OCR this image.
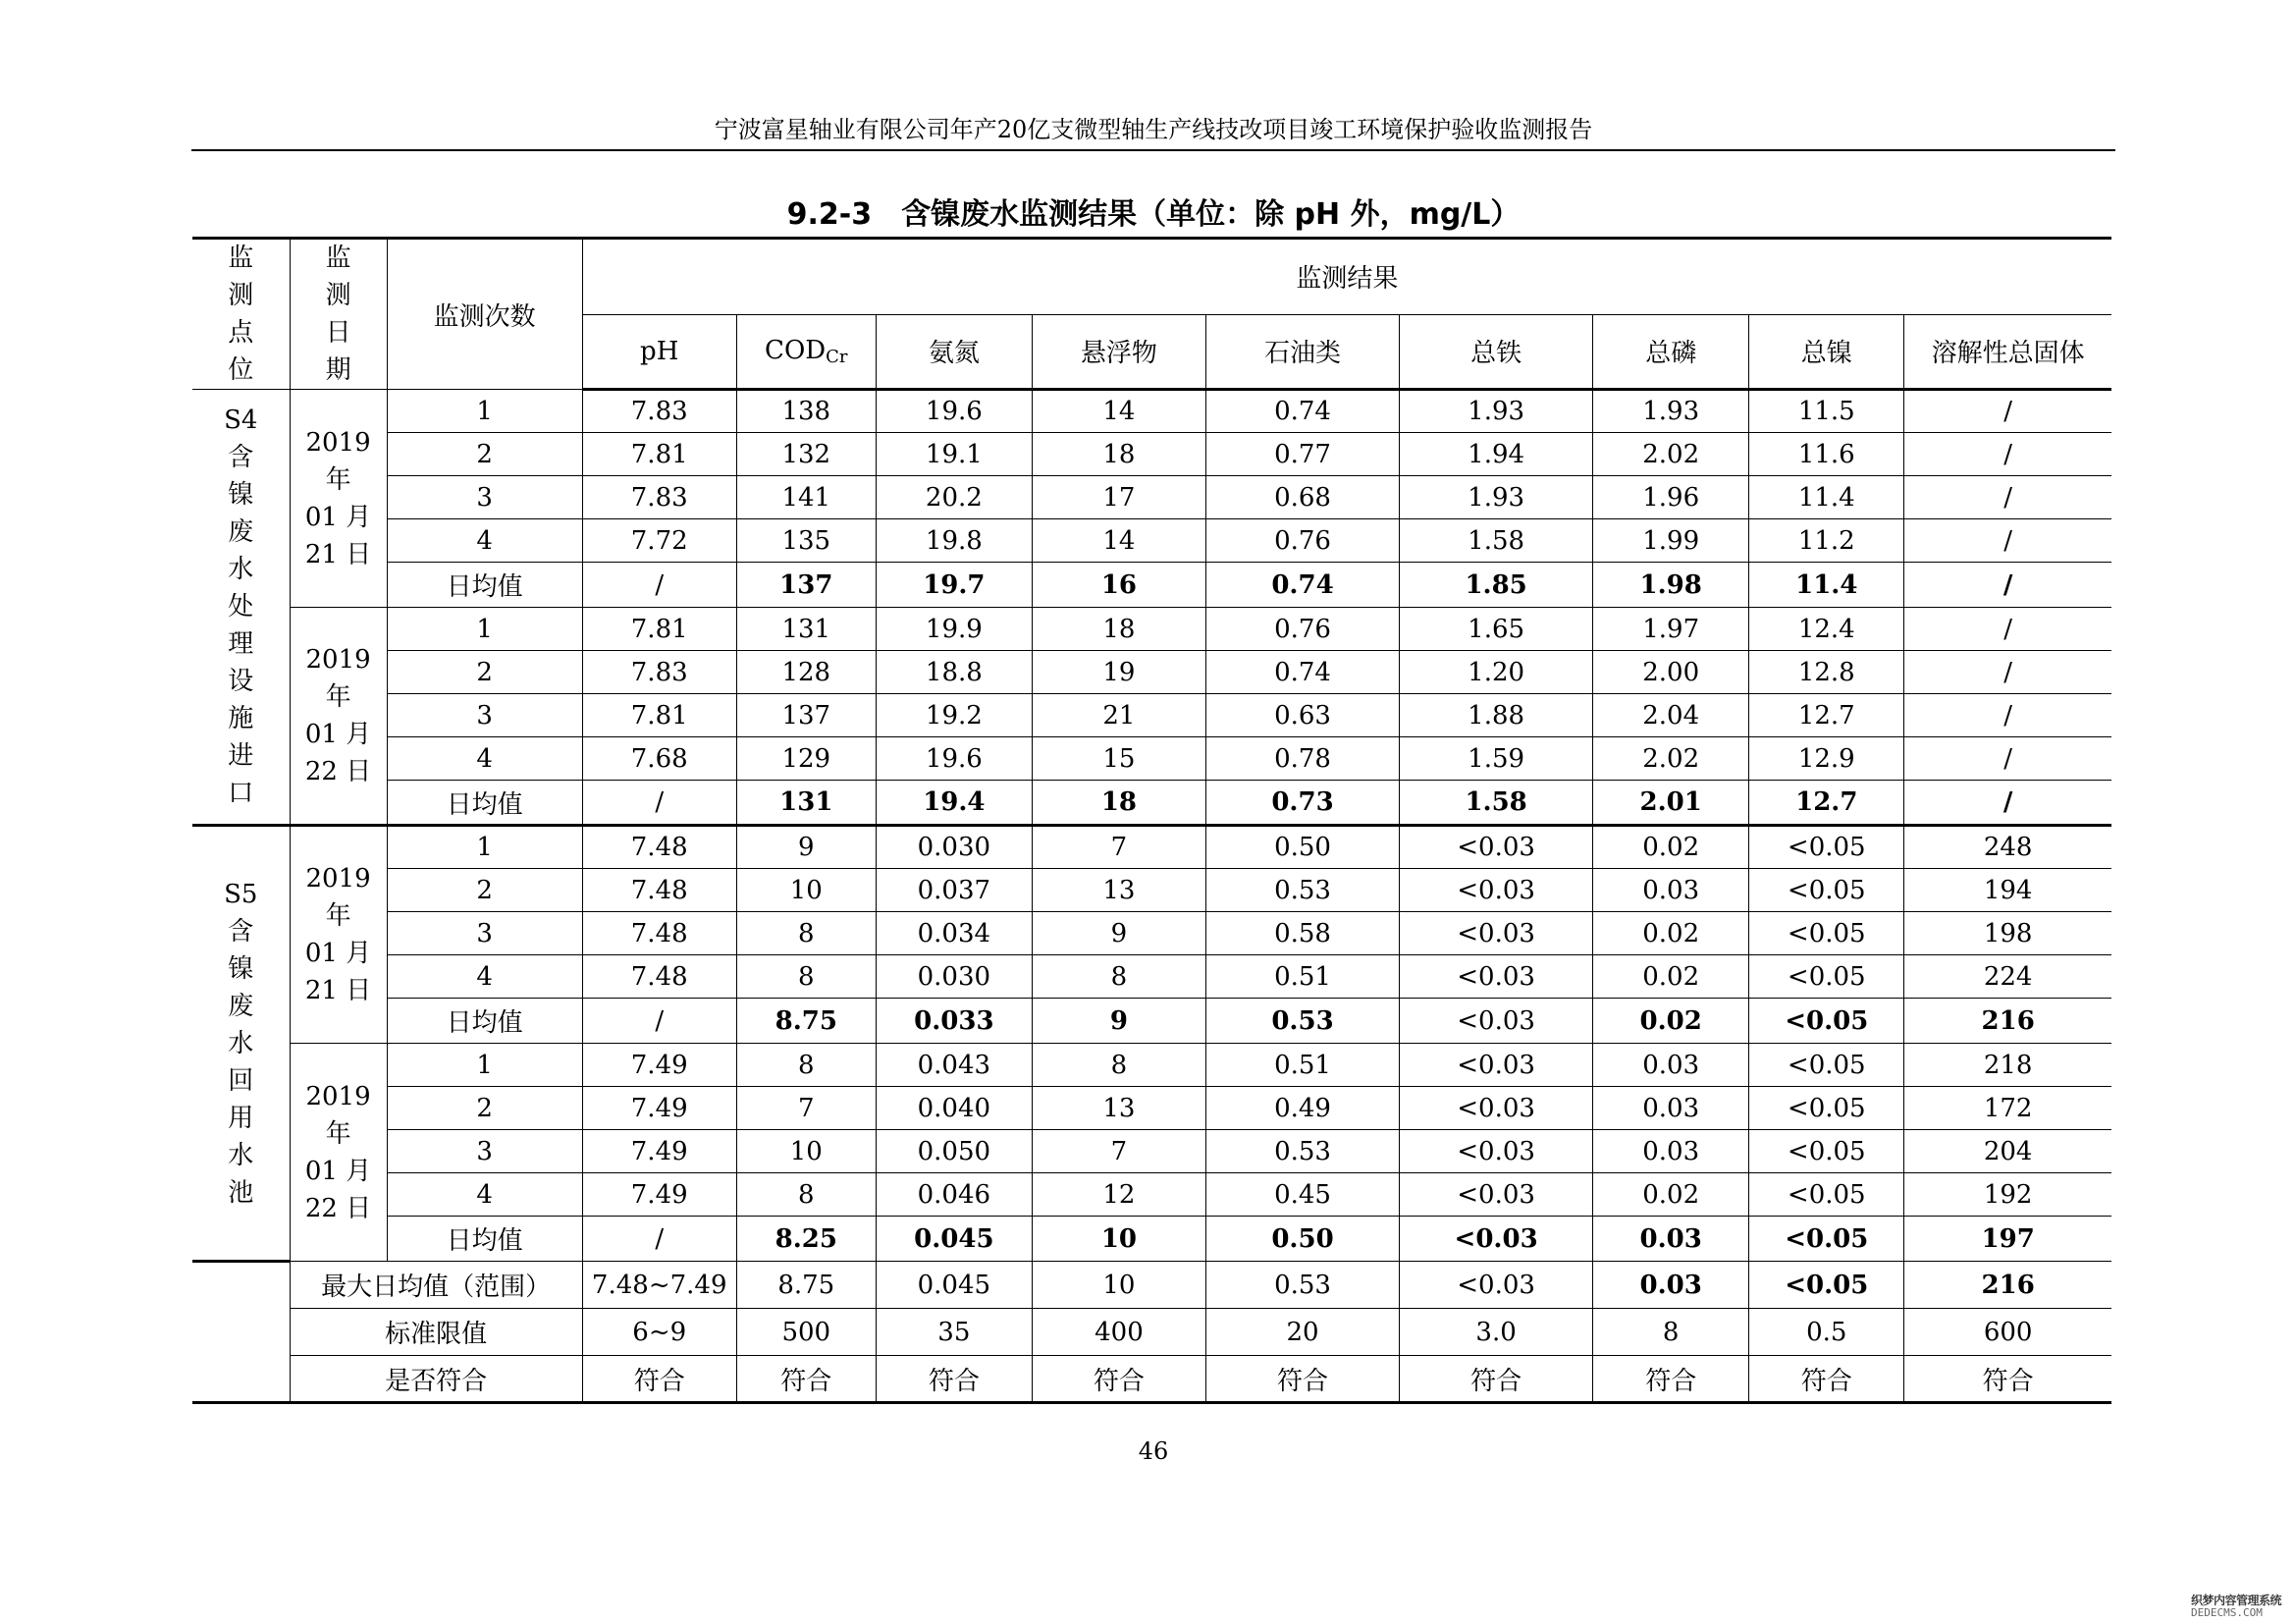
宁波富星轴业有限公司年产20亿支微型轴生产线技改项目竣工环境保护验收监测报告
9.2-3　含镍废水监测结果（单位：除 pH 外，mg/L）
监测点位	监测日期	监测次数	监测结果								
			pH	$COD_{Cr}$	氨氮	悬浮物	石油类	总铁	总磷	总镍	溶解性总固体
S4含镍废水处理设施进口	2019
年
01 月
21 日	1	7.83	138	19.6	14	0.74	1.93	1.93	11.5	/
		2	7.81	132	19.1	18	0.77	1.94	2.02	11.6	/
		3	7.83	141	20.2	17	0.68	1.93	1.96	11.4	/
		4	7.72	135	19.8	14	0.76	1.58	1.99	11.2	/
		日均值	/	137	19.7	16	0.74	1.85	1.98	11.4	/

	2019
年
01 月
22 日	1	7.81	131	19.9	18	0.76	1.65	1.97	12.4	/
		2	7.83	128	18.8	19	0.74	1.20	2.00	12.8	/
		3	7.81	137	19.2	21	0.63	1.88	2.04	12.7	/
		4	7.68	129	19.6	15	0.78	1.59	2.02	12.9	/
		日均值	/	131	19.4	18	0.73	1.58	2.01	12.7	/
S5含镍废水回用水池	2019
年
01 月
21 日	1	7.48	9	0.030	7	0.50	<0.03	0.02	<0.05	248
		2	7.48	10	0.037	13	0.53	<0.03	0.03	<0.05	194
		3	7.48	8	0.034	9	0.58	<0.03	0.02	<0.05	198
		4	7.48	8	0.030	8	0.51	<0.03	0.02	<0.05	224
		日均值	/	8.75	0.033	9	0.53	<0.03	0.02	<0.05	216

	2019
年
01 月
22 日	1	7.49	8	0.043	8	0.51	<0.03	0.03	<0.05	218
		2	7.49	7	0.040	13	0.49	<0.03	0.03	<0.05	172
		3	7.49	10	0.050	7	0.53	<0.03	0.03	<0.05	204
		4	7.49	8	0.046	12	0.45	<0.03	0.02	<0.05	192
		日均值	/	8.25	0.045	10	0.50	<0.03	0.03	<0.05	197
	最大日均值（范围）		7.48~7.49	8.75	0.045	10	0.53	<0.03	0.03	<0.05	216
	标准限值		6~9	500	35	400	20	3.0	8	0.5	600
	是否符合		符合	符合	符合	符合	符合	符合	符合	符合	符合
46
织梦内容管理系统
DEDECMS.COM
